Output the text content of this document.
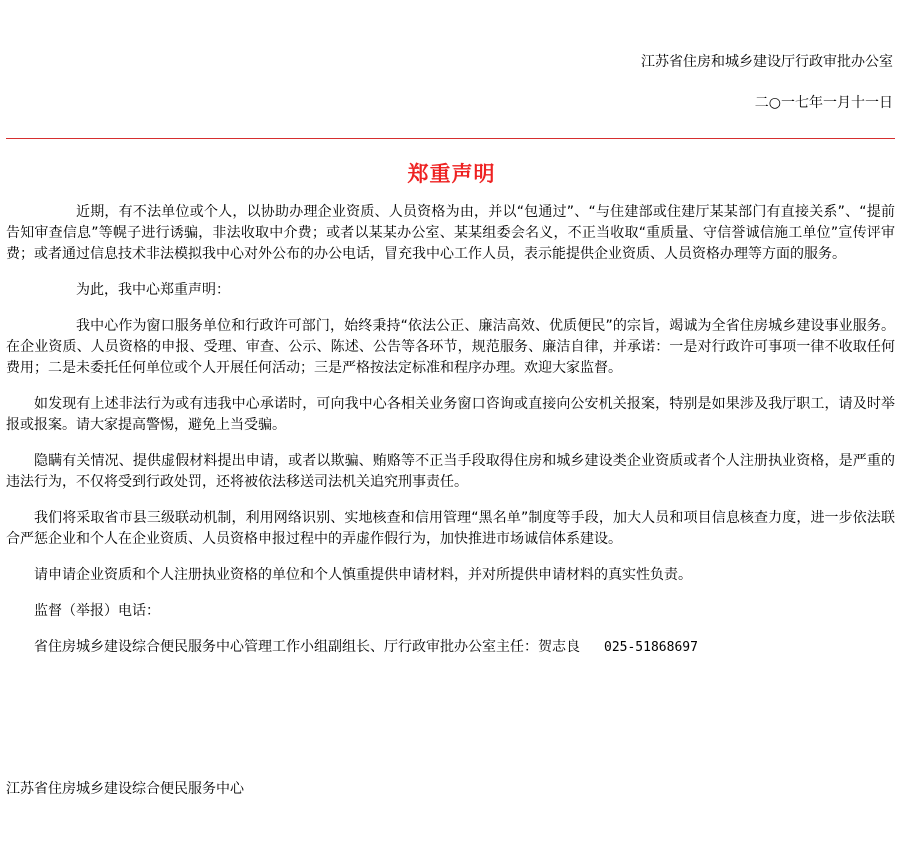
江苏省住房和城乡建设厅行政审批办公室
二○一七年一月十一日
郑重声明

近期，有不法单位或个人，以协助办理企业资质、人员资格为由，并以“包通过”、“与住建部或住建厅某某部门有直接关系”、“提前告知审查信息”等幌子进行诱骗，非法收取中介费；或者以某某办公室、某某组委会名义，不正当收取“重质量、守信誉诚信施工单位”宣传评审费；或者通过信息技术非法模拟我中心对外公布的办公电话，冒充我中心工作人员，表示能提供企业资质、人员资格办理等方面的服务。

为此，我中心郑重声明：

我中心作为窗口服务单位和行政许可部门，始终秉持“依法公正、廉洁高效、优质便民”的宗旨，竭诚为全省住房城乡建设事业服务。在企业资质、人员资格的申报、受理、审查、公示、陈述、公告等各环节，规范服务、廉洁自律，并承诺：一是对行政许可事项一律不收取任何费用；二是未委托任何单位或个人开展任何活动；三是严格按法定标准和程序办理。欢迎大家监督。

如发现有上述非法行为或有违我中心承诺时，可向我中心各相关业务窗口咨询或直接向公安机关报案，特别是如果涉及我厅职工，请及时举报或报案。请大家提高警惕，避免上当受骗。

隐瞒有关情况、提供虚假材料提出申请，或者以欺骗、贿赂等不正当手段取得住房和城乡建设类企业资质或者个人注册执业资格，是严重的违法行为，不仅将受到行政处罚，还将被依法移送司法机关追究刑事责任。

我们将采取省市县三级联动机制，利用网络识别、实地核查和信用管理“黑名单”制度等手段，加大人员和项目信息核查力度，进一步依法联合严惩企业和个人在企业资质、人员资格申报过程中的弄虚作假行为，加快推进市场诚信体系建设。

请申请企业资质和个人注册执业资格的单位和个人慎重提供申请材料，并对所提供申请材料的真实性负责。

监督（举报）电话：

省住房城乡建设综合便民服务中心管理工作小组副组长、厅行政审批办公室主任：贺志良 025-51868697

江苏省住房城乡建设综合便民服务中心
